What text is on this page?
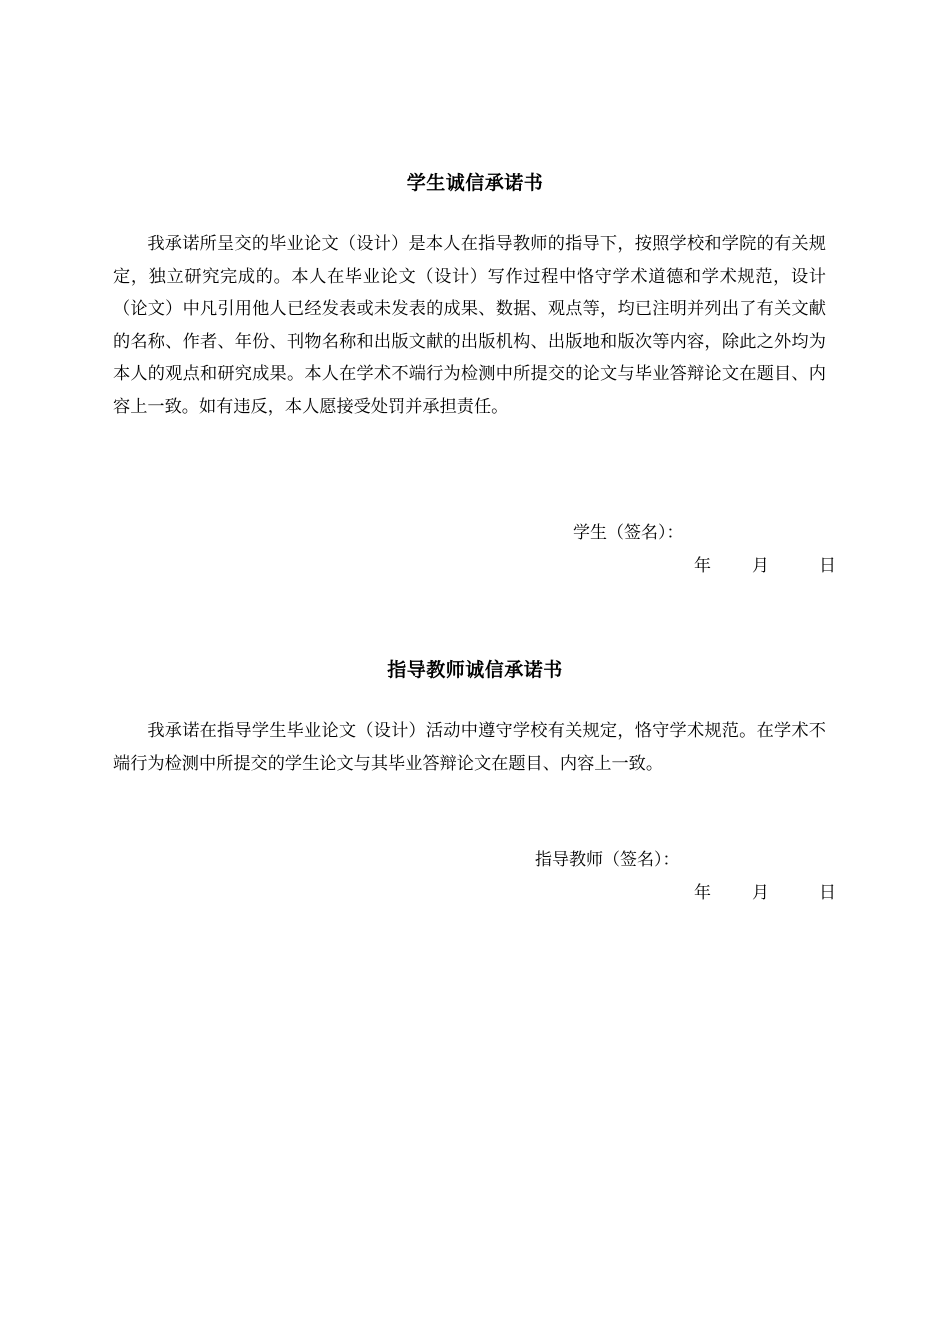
学生诚信承诺书
我承诺所呈交的毕业论文（设计）是本人在指导教师的指导下，按照学校和学院的有关规定，独立研究完成的。本人在毕业论文（设计）写作过程中恪守学术道德和学术规范，设计（论文）中凡引用他人已经发表或未发表的成果、数据、观点等，均已注明并列出了有关文献的名称、作者、年份、刊物名称和出版文献的出版机构、出版地和版次等内容，除此之外均为本人的观点和研究成果。本人在学术不端行为检测中所提交的论文与毕业答辩论文在题目、内容上一致。如有违反，本人愿接受处罚并承担责任。
学生（签名）：
年 月	日
指导教师诚信承诺书
我承诺在指导学生毕业论文（设计）活动中遵守学校有关规定，恪守学术规范。在学术不端行为检测中所提交的学生论文与其毕业答辩论文在题目、内容上一致。
指导教师（签名）：
年 月	日
